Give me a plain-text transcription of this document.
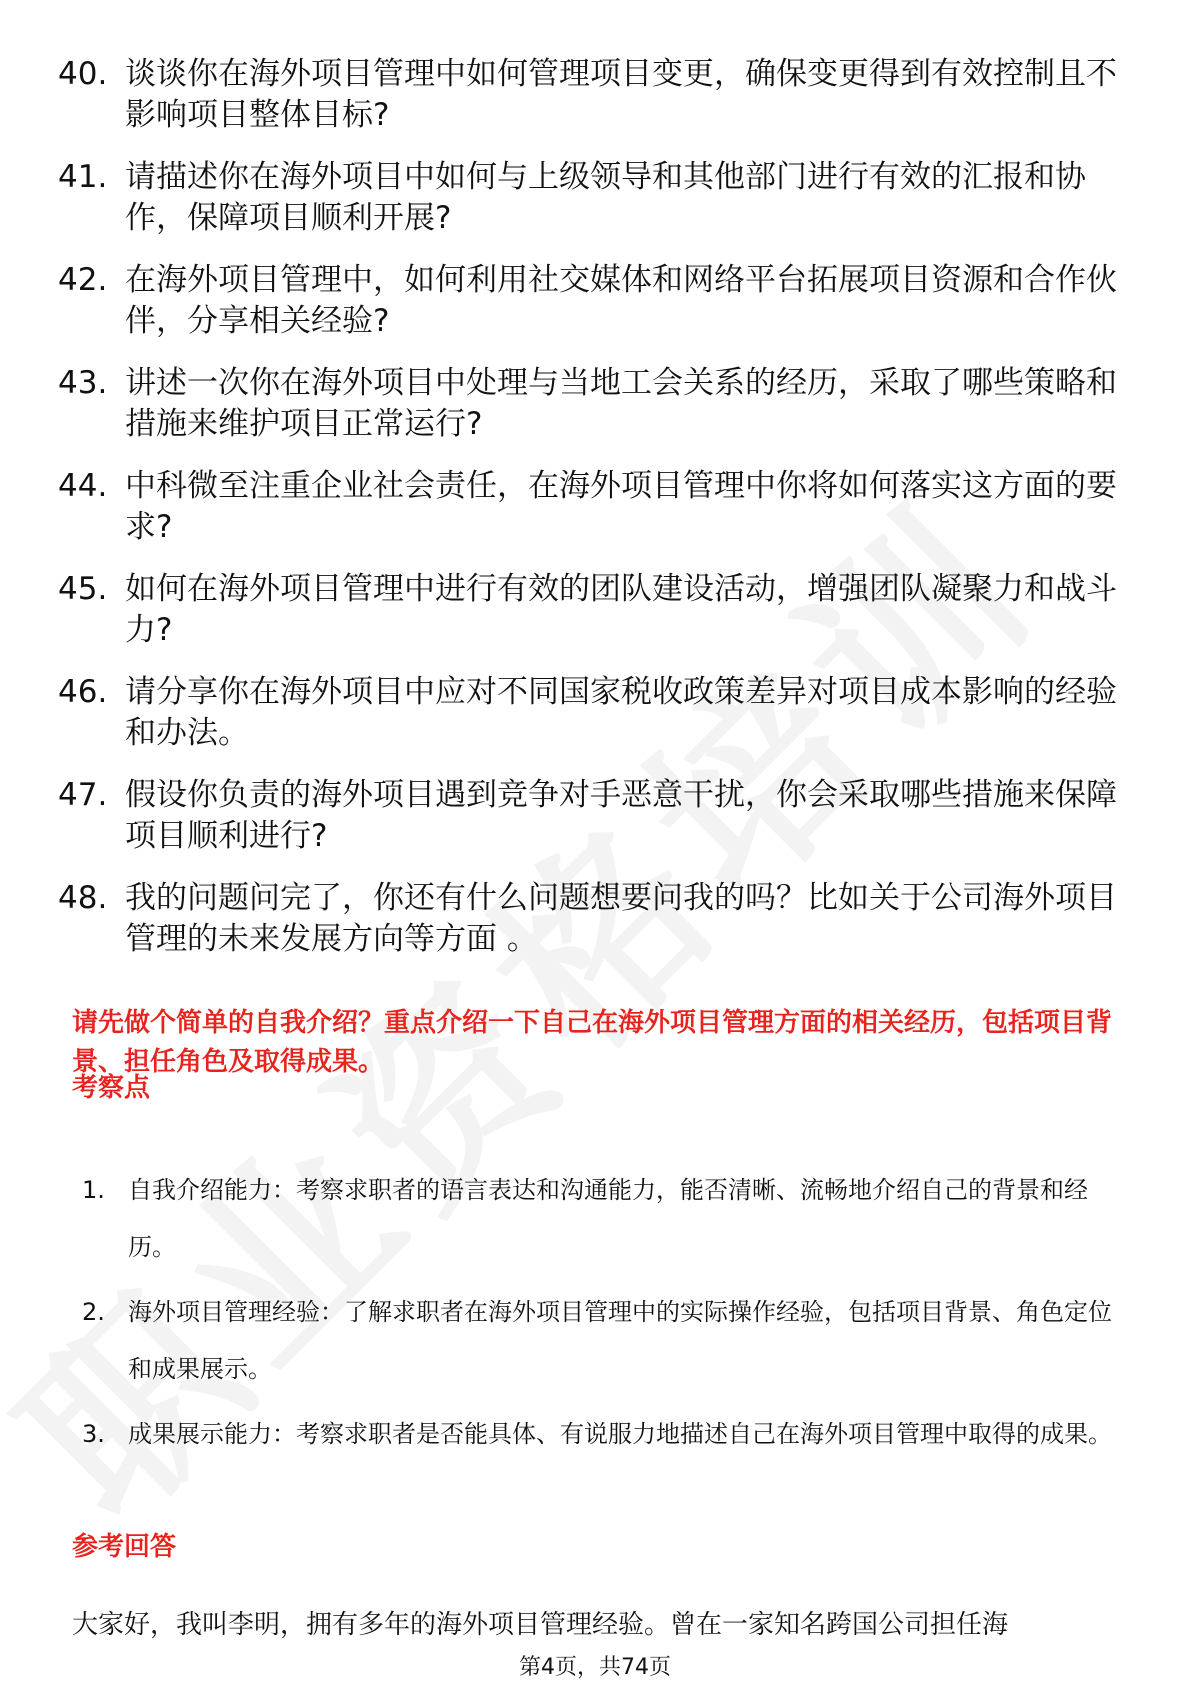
40. 谈谈你在海外项目管理中如何管理项目变更，确保变更得到有效控制且不影响项目整体目标?
41. 请描述你在海外项目中如何与上级领导和其他部门进行有效的汇报和协作，保障项目顺利开展?
42. 在海外项目管理中，如何利用社交媒体和网络平台拓展项目资源和合作伙伴，分享相关经验?
43. 讲述一次你在海外项目中处理与当地工会关系的经历，采取了哪些策略和措施来维护项目正常运行?
44. 中科微至注重企业社会责任，在海外项目管理中你将如何落实这方面的要求?
45. 如何在海外项目管理中进行有效的团队建设活动，增强团队凝聚力和战斗力?
46. 请分享你在海外项目中应对不同国家税收政策差异对项目成本影响的经验和办法。
47. 假设你负责的海外项目遇到竞争对手恶意干扰，你会采取哪些措施来保障项目顺利进行?
48. 我的问题问完了，你还有什么问题想要问我的吗？比如关于公司海外项目管理的未来发展方向等方面 。
请先做个简单的自我介绍？重点介绍一下自己在海外项目管理方面的相关经历，包括项目背景、担任角色及取得成果。
考察点
1. 自我介绍能力：考察求职者的语言表达和沟通能力，能否清晰、流畅地介绍自己的背景和经历。
2. 海外项目管理经验：了解求职者在海外项目管理中的实际操作经验，包括项目背景、角色定位和成果展示。
3. 成果展示能力：考察求职者是否能具体、有说服力地描述自己在海外项目管理中取得的成果。
参考回答
大家好，我叫李明，拥有多年的海外项目管理经验。曾在一家知名跨国公司担任海
第4页，共74页
